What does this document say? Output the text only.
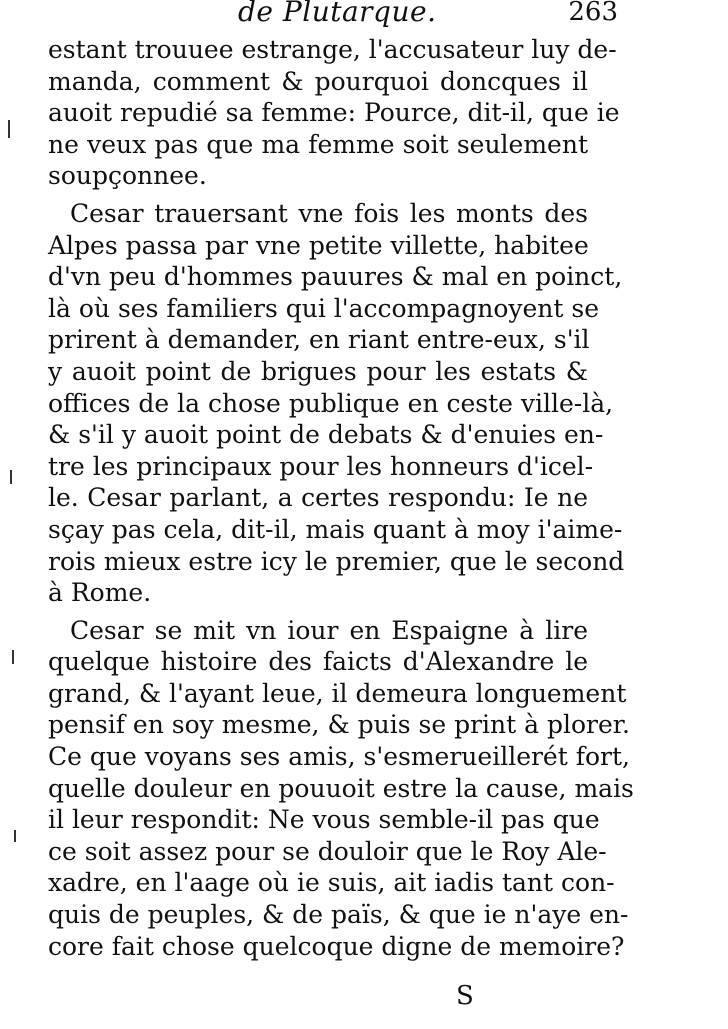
de Plutarque.	263
estant trouuee estrange, l'accusateur luy de-
manda, comment & pourquoi doncques il
auoit repudié sa femme: Pource, dit-il, que ie
ne veux pas que ma femme soit seulement
soupçonnee.
Cesar trauersant vne fois les monts des
Alpes passa par vne petite villette, habitee
d'vn peu d'hommes pauures & mal en poinct,
là où ses familiers qui l'accompagnoyent se
prirent à demander, en riant entre-eux, s'il
y auoit point de brigues pour les estats &
offices de la chose publique en ceste ville-là,
& s'il y auoit point de debats & d'enuies en-
tre les principaux pour les honneurs d'icel-
le. Cesar parlant, a certes respondu: Ie ne
sçay pas cela, dit-il, mais quant à moy i'aime-
rois mieux estre icy le premier, que le second
à Rome.
Cesar se mit vn iour en Espaigne à lire
quelque histoire des faicts d'Alexandre le
grand, & l'ayant leue, il demeura longuement
pensif en soy mesme, & puis se print à plorer.
Ce que voyans ses amis, s'esmerueillerét fort,
quelle douleur en pouuoit estre la cause, mais
il leur respondit: Ne vous semble-il pas que
ce soit assez pour se douloir que le Roy Ale-
xadre, en l'aage où ie suis, ait iadis tant con-
quis de peuples, & de païs, & que ie n'aye en-
core fait chose quelcoque digne de memoire?
S
